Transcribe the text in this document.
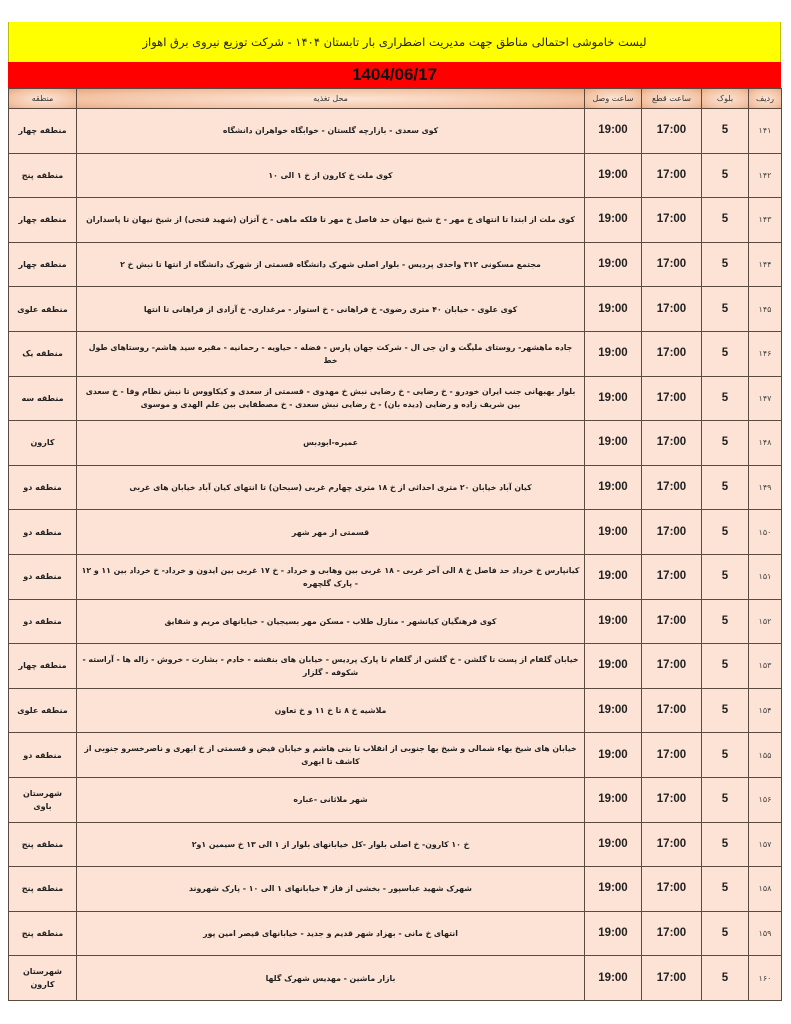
لیست خاموشی احتمالی مناطق جهت مدیریت اضطراری بار تابستان ۱۴۰۴ - شرکت توزیع نیروی برق اهواز
1404/06/17
ردیف	بلوک	ساعت قطع	ساعت وصل	محل تغذیه	منطقه
۱۴۱	5	17:00	19:00	کوی سعدی - بازارچه گلستان - خوابگاه خواهران دانشگاه	منطقه چهار
۱۴۲	5	17:00	19:00	کوی ملت خ کارون از خ ۱ الی ۱۰	منطقه پنج
۱۴۳	5	17:00	19:00	کوی ملت از ابتدا تا انتهای خ مهر - خ شیخ نیهان حد فاصل خ مهر تا فلکه ماهی - خ آتزان (شهید فتحی) از شیخ نیهان تا پاسداران	منطقه چهار
۱۴۴	5	17:00	19:00	مجتمع مسکونی ۳۱۲ واحدی پردیس - بلوار اصلی شهرک دانشگاه قسمتی از شهرک دانشگاه از انتها تا نبش خ ۲	منطقه چهار
۱۴۵	5	17:00	19:00	کوی علوی - خیابان ۴۰ متری رضوی- خ فراهانی - خ استوار - مرغداری- خ آزادی از فراهانی تا انتها	منطقه علوی
۱۴۶	5	17:00	19:00	جاده ماهشهر- روستای ملیگت و ان جی ال - شرکت جهان پارس - فضله - حیاویه - رحمانیه - مقبره سید هاشم- روستاهای طول خط	منطقه یک
۱۴۷	5	17:00	19:00	بلوار بهبهانی جنب ایران خودرو - خ رضایی - خ رضایی نبش خ مهدوی - قسمتی از سعدی و کیکاووس تا نبش نظام وفا - خ سعدی بین شریف زاده و رضایی (دیده بان) - خ رضایی نبش سعدی - خ مصطفایی بین علم الهدی و موسوی	منطقه سه
۱۴۸	5	17:00	19:00	عمیره-ابودبس	کارون
۱۴۹	5	17:00	19:00	کیان آباد خیابان ۲۰ متری احداثی از خ ۱۸ متری چهارم غربی (سبحان) تا انتهای کیان آباد خیابان های غربی	منطقه دو
۱۵۰	5	17:00	19:00	قسمتی از مهر شهر	منطقه دو
۱۵۱	5	17:00	19:00	کیانپارس خ خرداد حد فاصل خ ۸ الی آخر غربی - ۱۸ غربی بین وهابی و خرداد - خ ۱۷ غربی بین ایدون و خرداد- خ خرداد بین ۱۱ و ۱۲ - پارک گلچهره	منطقه دو
۱۵۲	5	17:00	19:00	کوی فرهنگیان کیانشهر - منازل طلاب - مسکن مهر بسیجیان - خیابانهای مریم و شقایق	منطقه دو
۱۵۳	5	17:00	19:00	خیابان گلفام از پست تا گلشن - خ گلشن از گلفام تا پارک پردیس - خیابان های بنفشه - خادم - بشارت - خروش - زاله ها - آراسته - شکوفه - گلزار	منطقه چهار
۱۵۴	5	17:00	19:00	ملاشیه خ ۸ تا خ ۱۱ و خ تعاون	منطقه علوی
۱۵۵	5	17:00	19:00	خیابان های شیخ بهاء شمالی و شیخ بها جنوبی از انقلاب تا بنی هاشم و خیابان فیض و قسمتی از خ ابهری و ناصرخسرو جنوبی از کاشف تا ابهری	منطقه دو
۱۵۶	5	17:00	19:00	شهر ملاثانی -عباره	شهرستان باوی
۱۵۷	5	17:00	19:00	خ ۱۰ کارون- خ اصلی بلوار -کل خیابانهای بلوار از ۱ الی ۱۳ خ سیمین ۱و۲	منطقه پنج
۱۵۸	5	17:00	19:00	شهرک شهید عباسپور - بخشی از فاز ۴ خیابانهای ۱ الی ۱۰ - پارک شهروند	منطقه پنج
۱۵۹	5	17:00	19:00	انتهای خ مانی - بهزاد شهر قدیم و جدید - خیابانهای قیصر امین پور	منطقه پنج
۱۶۰	5	17:00	19:00	بازار ماشین - مهدیس شهرک گلها	شهرستان کارون
